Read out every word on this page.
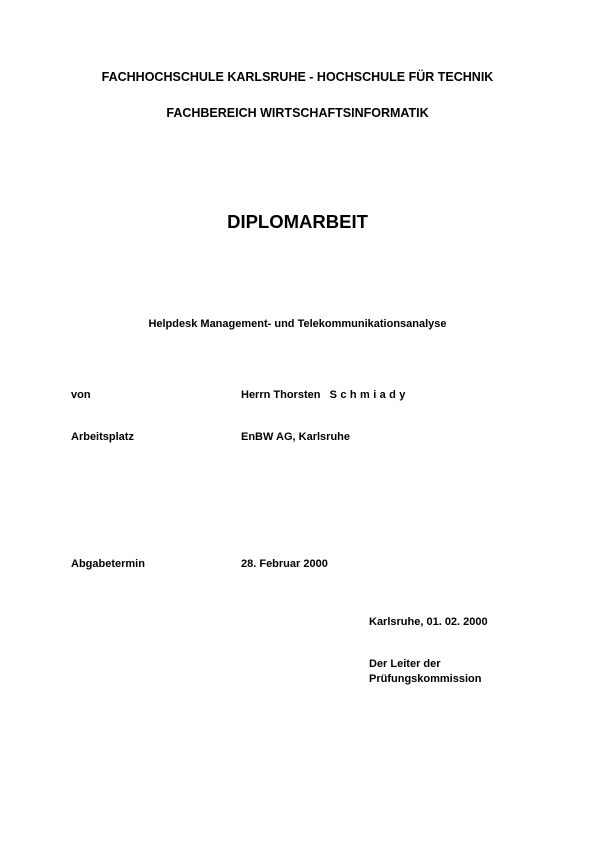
FACHHOCHSCHULE KARLSRUHE - HOCHSCHULE FÜR TECHNIK
FACHBEREICH WIRTSCHAFTSINFORMATIK
DIPLOMARBEIT
Helpdesk Management- und Telekommunikationsanalyse
von	Herrn Thorsten Schmiady
Arbeitsplatz	EnBW AG, Karlsruhe
Abgabetermin	28. Februar 2000
Karlsruhe, 01. 02. 2000
Der Leiter der
Prüfungskommission
